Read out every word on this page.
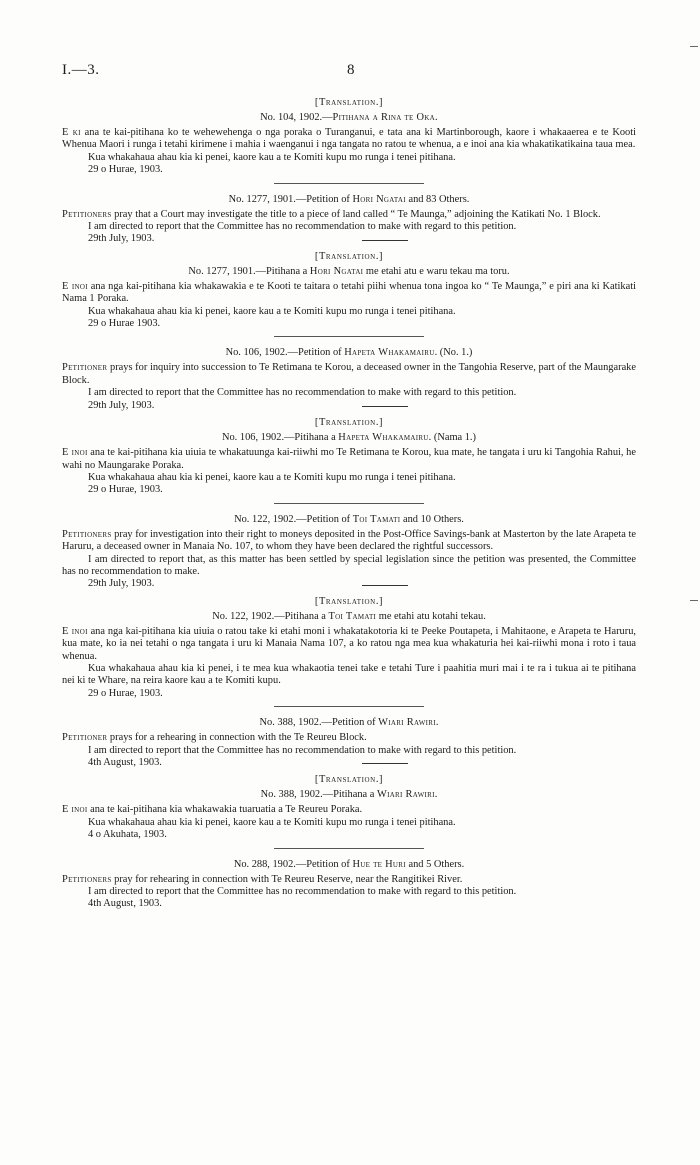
I.—3.	8
[Translation.]
No. 104, 1902.—Pitihana a Rina te Oka.

E ki ana te kai-pitihana ko te wehewehenga o nga poraka o Turanganui, e tata ana ki Martinborough, kaore i whakaaerea e te Kooti Whenua Maori i runga i tetahi kirimene i mahia i waenganui i nga tangata no ratou te whenua, a e inoi ana kia whakatikatikaina taua mea.

Kua whakahaua ahau kia ki penei, kaore kau a te Komiti kupu mo runga i tenei pitihana.

29 o Hurae, 1903.

No. 1277, 1901.—Petition of Hori Ngatai and 83 Others.

Petitioners pray that a Court may investigate the title to a piece of land called “ Te Maunga,” adjoining the Katikati No. 1 Block.

I am directed to report that the Committee has no recommendation to make with regard to this petition.

29th July, 1903.

[Translation.]
No. 1277, 1901.—Pitihana a Hori Ngatai me etahi atu e waru tekau ma toru.

E inoi ana nga kai-pitihana kia whakawakia e te Kooti te taitara o tetahi piihi whenua tona ingoa ko “ Te Maunga,” e piri ana ki Katikati Nama 1 Poraka.

Kua whakahaua ahau kia ki penei, kaore kau a te Komiti kupu mo runga i tenei pitihana.

29 o Hurae 1903.

No. 106, 1902.—Petition of Hapeta Whakamairu. (No. 1.)

Petitioner prays for inquiry into succession to Te Retimana te Korou, a deceased owner in the Tangohia Reserve, part of the Maungarake Block.

I am directed to report that the Committee has no recommendation to make with regard to this petition.

29th July, 1903.

[Translation.]
No. 106, 1902.—Pitihana a Hapeta Whakamairu. (Nama 1.)

E inoi ana te kai-pitihana kia uiuia te whakatuunga kai-riiwhi mo Te Retimana te Korou, kua mate, he tangata i uru ki Tangohia Rahui, he wahi no Maungarake Poraka.

Kua whakahaua ahau kia ki penei, kaore kau a te Komiti kupu mo runga i tenei pitihana.

29 o Hurae, 1903.

No. 122, 1902.—Petition of Toi Tamati and 10 Others.

Petitioners pray for investigation into their right to moneys deposited in the Post-Office Savings-bank at Masterton by the late Arapeta te Haruru, a deceased owner in Manaia No. 107, to whom they have been declared the rightful successors.

I am directed to report that, as this matter has been settled by special legislation since the petition was presented, the Committee has no recommendation to make.

29th July, 1903.

[Translation.]
No. 122, 1902.—Pitihana a Toi Tamati me etahi atu kotahi tekau.

E inoi ana nga kai-pitihana kia uiuia o ratou take ki etahi moni i whakatakotoria ki te Peeke Poutapeta, i Mahitaone, e Arapeta te Haruru, kua mate, ko ia nei tetahi o nga tangata i uru ki Manaia Nama 107, a ko ratou nga mea kua whakaturia hei kai-riiwhi mona i roto i taua whenua.

Kua whakahaua ahau kia ki penei, i te mea kua whakaotia tenei take e tetahi Ture i paahitia muri mai i te ra i tukua ai te pitihana nei ki te Whare, na reira kaore kau a te Komiti kupu.

29 o Hurae, 1903.

No. 388, 1902.—Petition of Wiari Rawiri.

Petitioner prays for a rehearing in connection with the Te Reureu Block.

I am directed to report that the Committee has no recommendation to make with regard to this petition.

4th August, 1903.

[Translation.]
No. 388, 1902.—Pitihana a Wiari Rawiri.

E inoi ana te kai-pitihana kia whakawakia tuaruatia a Te Reureu Poraka.

Kua whakahaua ahau kia ki penei, kaore kau a te Komiti kupu mo runga i tenei pitihana.

4 o Akuhata, 1903.

No. 288, 1902.—Petition of Hue te Huri and 5 Others.

Petitioners pray for rehearing in connection with Te Reureu Reserve, near the Rangitikei River.

I am directed to report that the Committee has no recommendation to make with regard to this petition.

4th August, 1903.
